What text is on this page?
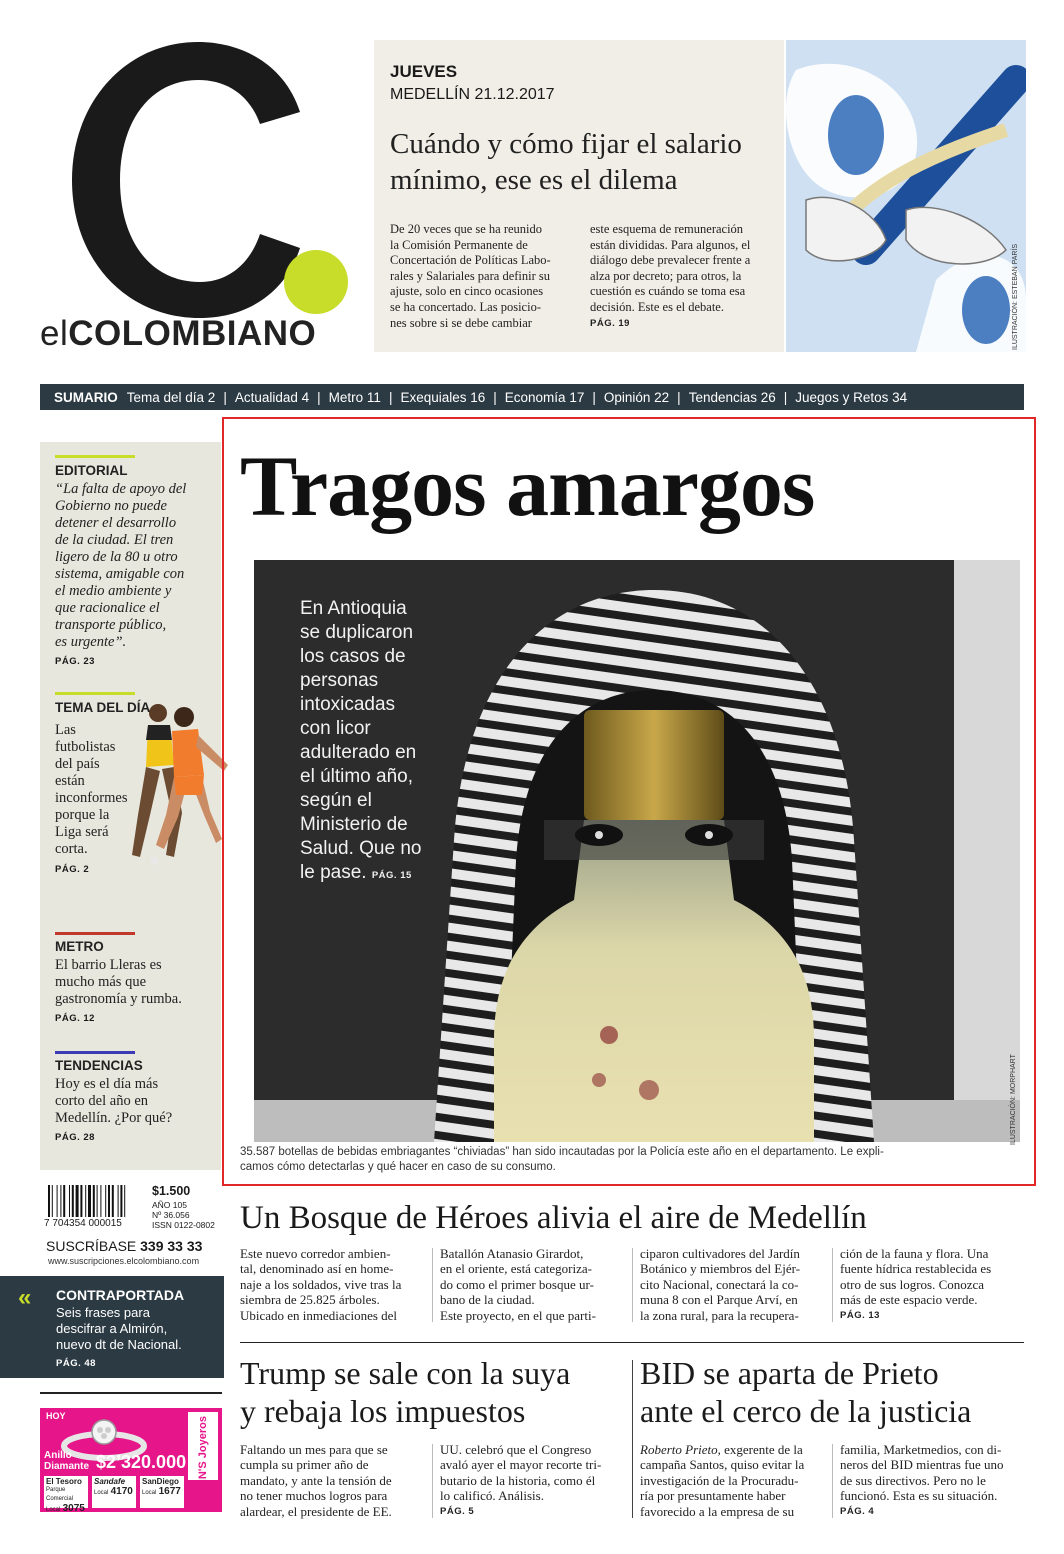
elCOLOMBIANO
JUEVES
MEDELLÍN 21.12.2017
Cuándo y cómo fijar el salario
mínimo, ese es el dilema
De 20 veces que se ha reunido
la Comisión Permanente de
Concertación de Políticas Labo-
rales y Salariales para definir su
ajuste, solo en cinco ocasiones
se ha concertado. Las posicio-
nes sobre si se debe cambiar
este esquema de remuneración
están divididas. Para algunos, el
diálogo debe prevalecer frente a
alza por decreto; para otros, la
cuestión es cuándo se toma esa
decisión. Este es el debate.
PÁG. 19	ILUSTRACIÓN: ESTEBAN PARÍS
SUMARIO Tema del día 2 | Actualidad 4 | Metro 11 | Exequiales 16 | Economía 17 | Opinión 22 | Tendencias 26 | Juegos y Retos 34
EDITORIAL
“La falta de apoyo del
Gobierno no puede
detener el desarrollo
de la ciudad. El tren
ligero de la 80 u otro
sistema, amigable con
el medio ambiente y
que racionalice el
transporte público,
es urgente”.
PÁG. 23
TEMA DEL DÍA
Las
futbolistas
del país
están
inconformes
porque la
Liga será
corta.
PÁG. 2
METRO
El barrio Lleras es
mucho más que
gastronomía y rumba.
PÁG. 12
TENDENCIAS
Hoy es el día más
corto del año en
Medellín. ¿Por qué?
PÁG. 28
Tragos amargos
En Antioquia
se duplicaron
los casos de
personas
intoxicadas
con licor
adulterado en
el último año,
según el
Ministerio de
Salud. Que no
le pase. PÁG. 15
ILUSTRACIÓN: MORPHART
35.587 botellas de bebidas embriagantes “chiviadas” han sido incautadas por la Policía este año en el departamento. Le expli-
camos cómo detectarlas y qué hacer en caso de su consumo.
7 704354 000015
$1.500
AÑO 105
Nº 36.056
ISSN 0122-0802
SUSCRÍBASE 339 33 33
www.suscripciones.elcolombiano.com
« CONTRAPORTADA
Seis frases para
descifrar a Almirón,
nuevo dt de Nacional.
PÁG. 48
HOY	KEVIN'S Joyeros
Anillo
Diamante $2’320.000
El Tesoro
Parque Comercial
Local 3075
Sandafe
Local 4170
SanDiego
Local 1677
Un Bosque de Héroes alivia el aire de Medellín
Este nuevo corredor ambien-
tal, denominado así en home-
naje a los soldados, vive tras la
siembra de 25.825 árboles.
Ubicado en inmediaciones del
Batallón Atanasio Girardot,
en el oriente, está categoriza-
do como el primer bosque ur-
bano de la ciudad.
Este proyecto, en el que parti-
ciparon cultivadores del Jardín
Botánico y miembros del Ejér-
cito Nacional, conectará la co-
muna 8 con el Parque Arví, en
la zona rural, para la recupera-
ción de la fauna y flora. Una
fuente hídrica restablecida es
otro de sus logros. Conozca
más de este espacio verde.
PÁG. 13
Trump se sale con la suya
y rebaja los impuestos
Faltando un mes para que se
cumpla su primer año de
mandato, y ante la tensión de
no tener muchos logros para
alardear, el presidente de EE.
UU. celebró que el Congreso
avaló ayer el mayor recorte tri-
butario de la historia, como él
lo calificó. Análisis.
PÁG. 5
BID se aparta de Prieto
ante el cerco de la justicia
Roberto Prieto, exgerente de la
campaña Santos, quiso evitar la
investigación de la Procuradu-
ría por presuntamente haber
favorecido a la empresa de su
familia, Marketmedios, con di-
neros del BID mientras fue uno
de sus directivos. Pero no le
funcionó. Esta es su situación.
PÁG. 4
